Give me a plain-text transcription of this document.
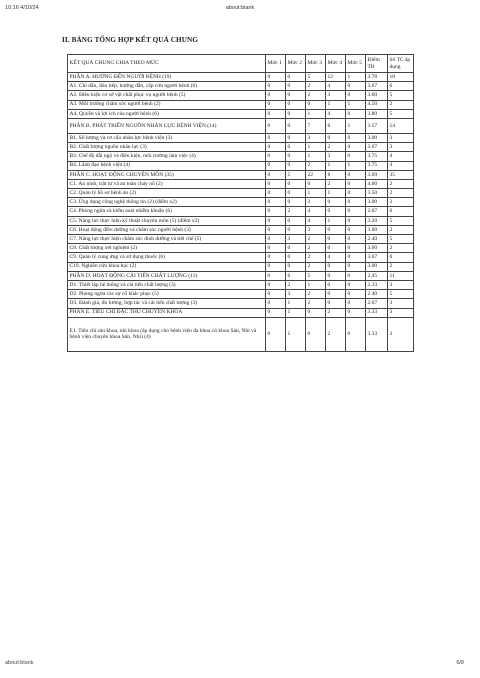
10:16 4/10/24	about:blank
II. BẢNG TỔNG HỢP KẾT QUẢ CHUNG
KẾT QUẢ CHUNG CHIA THEO MỨC	Mức 1	Mức 2	Mức 3	Mức 4	Mức 5	Điểm TB	Số TC áp dụng
PHẦN A. HƯỚNG ĐẾN NGƯỜI BỆNH (19)	0	0	5	12	1	3.78	18
A1. Chỉ dẫn, đón tiếp, hướng dẫn, cấp cứu người bệnh (6)	0	0	2	4	0	3.67	6
A2. Điều kiện cơ sở vật chất phục vụ người bệnh (5)	0	0	2	3	0	3.60	5
A3. Môi trường chăm sóc người bệnh (2)	0	0	0	1	1	4.50	2
A4. Quyền và lợi ích của người bệnh (6)	0	0	1	4	0	3.80	5
PHẦN B. PHÁT TRIỂN NGUỒN NHÂN LỰC BỆNH VIỆN (14)	0	0	7	6	1	3.57	14
B1. Số lượng và cơ cấu nhân lực bệnh viện (3)	0	0	3	0	0	3.00	3
B2. Chất lượng nguồn nhân lực (3)	0	0	1	2	0	3.67	3
B3. Chế độ đãi ngộ và điều kiện, môi trường làm việc (4)	0	0	1	3	0	3.75	4
B4. Lãnh đạo bệnh viện (4)	0	0	2	1	1	3.75	4
PHẦN C. HOẠT ĐỘNG CHUYÊN MÔN (35)	0	5	22	8	0	3.09	35
C1. An ninh, trật tự và an toàn cháy nổ (2)	0	0	0	2	0	4.00	2
C2. Quản lý hồ sơ bệnh án (2)	0	0	1	1	0	3.50	2
C3. Ứng dụng công nghệ thông tin (2) (điểm x2)	0	0	2	0	0	3.00	2
C4. Phòng ngừa và kiểm soát nhiễm khuẩn (6)	0	2	4	0	0	2.67	6
C5. Năng lực thực hiện kỹ thuật chuyên môn (5) (điểm x2)	0	0	4	1	0	3.20	5
C6. Hoạt động điều dưỡng và chăm sóc người bệnh (3)	0	0	3	0	0	3.00	3
C7. Năng lực thực hiện chăm sóc dinh dưỡng và tiết chế (5)	0	3	2	0	0	2.40	5
C8. Chất lượng xét nghiệm (2)	0	0	2	0	0	3.00	2
C9. Quản lý cung ứng và sử dụng thuốc (6)	0	0	2	4	0	3.67	6
C10. Nghiên cứu khoa học (2)	0	0	2	0	0	3.00	2
PHẦN D. HOẠT ĐỘNG CẢI TIẾN CHẤT LƯỢNG (11)	0	6	5	0	0	2.45	11
D1. Thiết lập hệ thống và cải tiến chất lượng (3)	0	2	1	0	0	2.33	3
D2. Phòng ngừa các sự cố khắc phục (5)	0	3	2	0	0	2.40	5
D3. Đánh giá, đo lường, hợp tác và cải tiến chất lượng (3)	0	1	2	0	0	2.67	3
PHẦN E. TIÊU CHÍ ĐẶC THÙ CHUYÊN KHOA	0	1	0	2	0	3.33	3
E1. Tiêu chí sản khoa, nhi khoa (áp dụng cho bệnh viện đa khoa có khoa Sản, Nhi và bệnh viện chuyên khoa Sản, Nhi) (4)	0	1	0	2	0	3.33	3
about:blank	6/8
